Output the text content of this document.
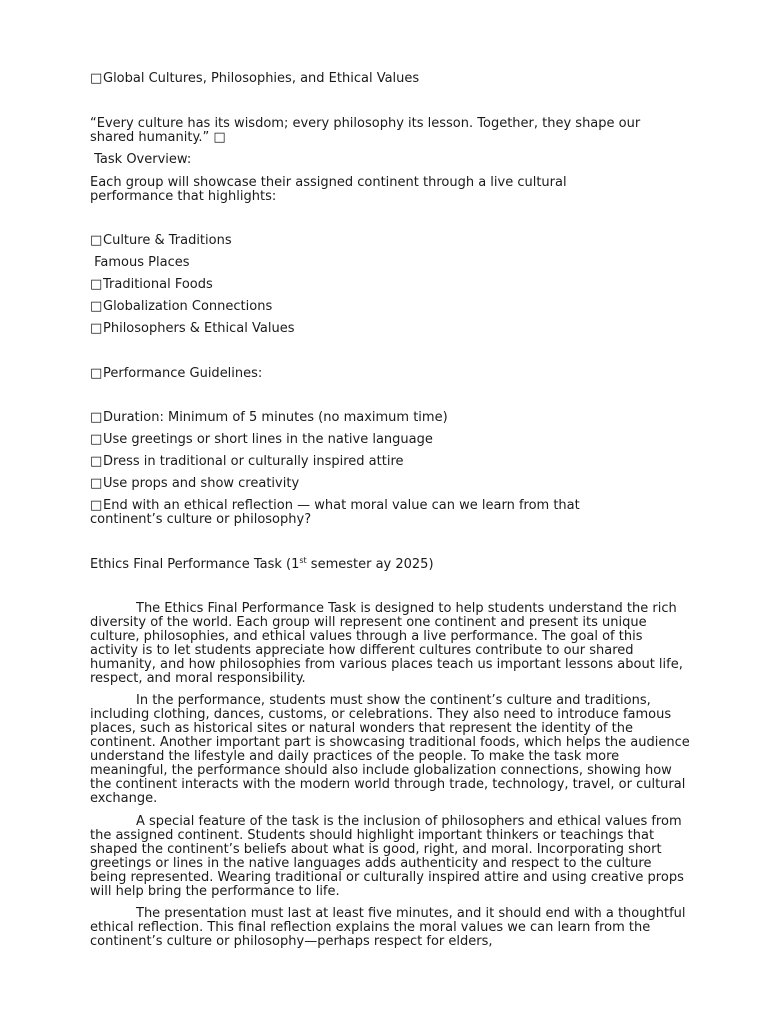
□Global Cultures, Philosophies, and Ethical Values
“Every culture has its wisdom; every philosophy its lesson. Together, they shape our
shared humanity.” □
Task Overview:
Each group will showcase their assigned continent through a live cultural
performance that highlights:
□Culture & Traditions
Famous Places
□Traditional Foods
□Globalization Connections
□Philosophers & Ethical Values
□Performance Guidelines:
□Duration: Minimum of 5 minutes (no maximum time)
□Use greetings or short lines in the native language
□Dress in traditional or culturally inspired attire
□Use props and show creativity
□End with an ethical reflection — what moral value can we learn from that
continent’s culture or philosophy?
Ethics Final Performance Task (1st semester ay 2025)

The Ethics Final Performance Task is designed to help students understand the rich diversity of the world. Each group will represent one continent and present its unique culture, philosophies, and ethical values through a live performance. The goal of this activity is to let students appreciate how different cultures contribute to our shared humanity, and how philosophies from various places teach us important lessons about life, respect, and moral responsibility.

In the performance, students must show the continent’s culture and traditions, including clothing, dances, customs, or celebrations. They also need to introduce famous places, such as historical sites or natural wonders that represent the identity of the continent. Another important part is showcasing traditional foods, which helps the audience understand the lifestyle and daily practices of the people. To make the task more meaningful, the performance should also include globalization connections, showing how the continent interacts with the modern world through trade, technology, travel, or cultural exchange.

A special feature of the task is the inclusion of philosophers and ethical values from the assigned continent. Students should highlight important thinkers or teachings that shaped the continent’s beliefs about what is good, right, and moral. Incorporating short greetings or lines in the native languages adds authenticity and respect to the culture being represented. Wearing traditional or culturally inspired attire and using creative props will help bring the performance to life.

The presentation must last at least five minutes, and it should end with a thoughtful ethical reflection. This final reflection explains the moral values we can learn from the continent’s culture or philosophy—perhaps respect for elders,
